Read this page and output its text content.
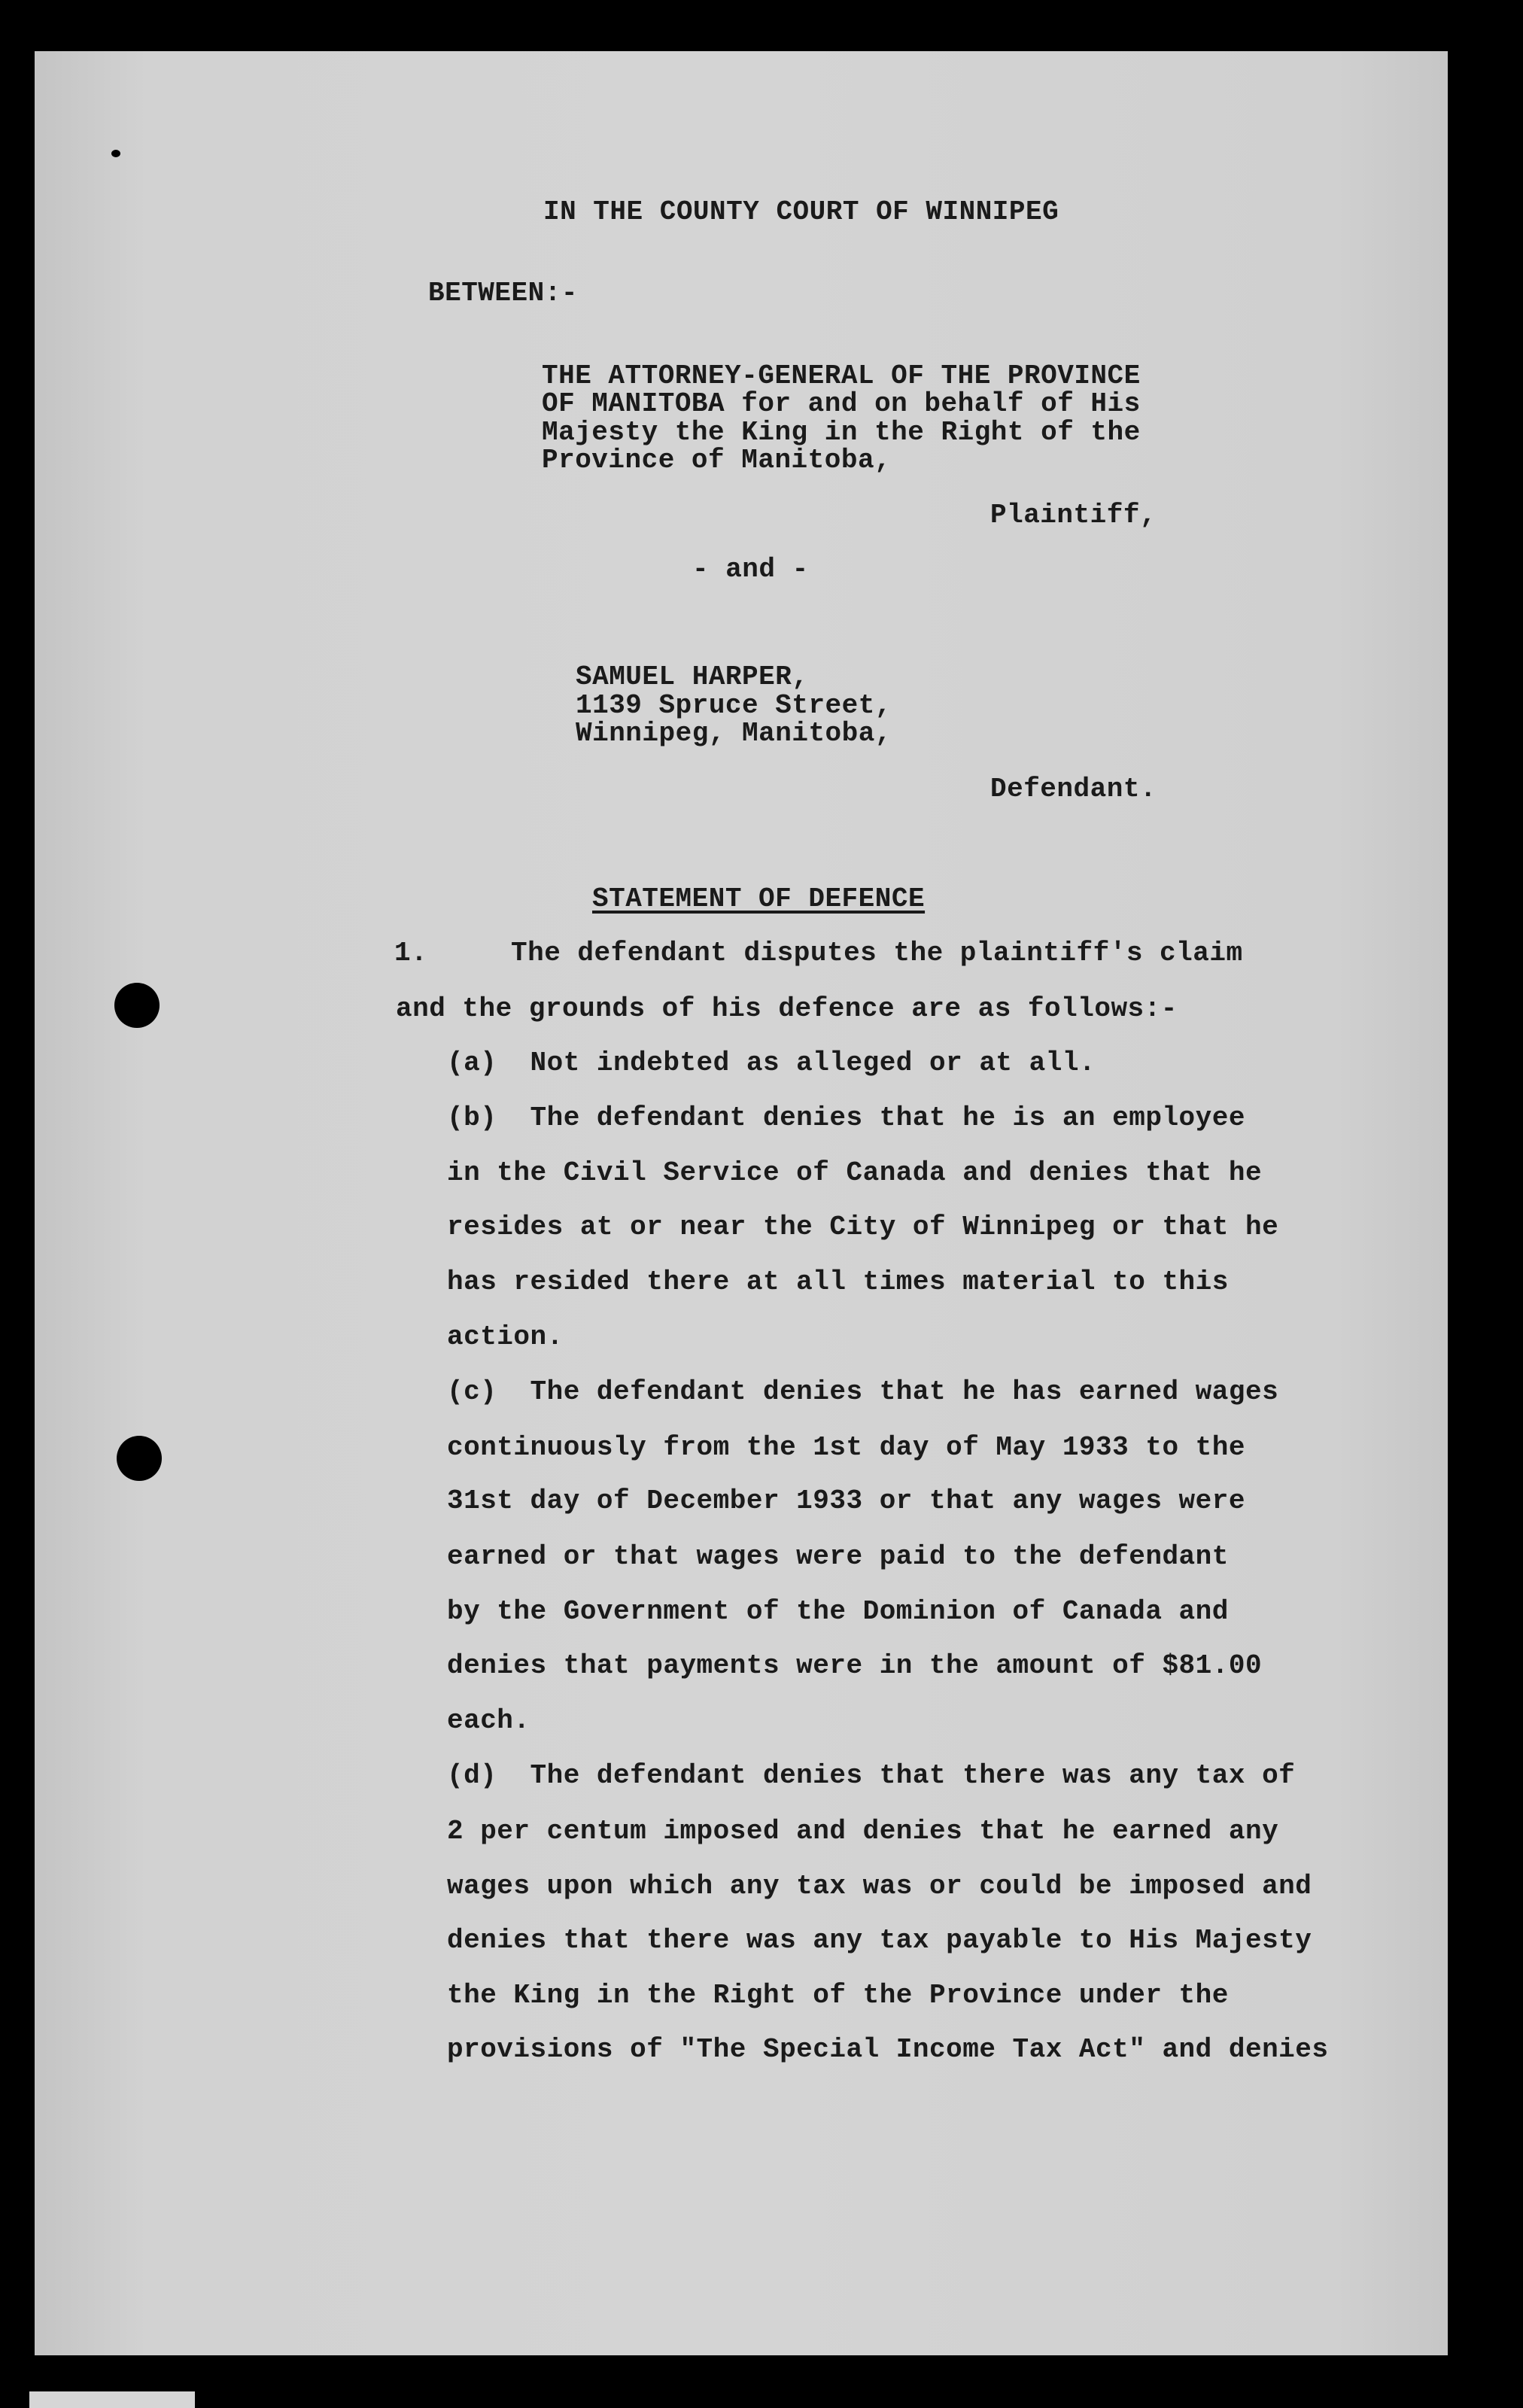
IN THE COUNTY COURT OF WINNIPEG
BETWEEN:-
THE ATTORNEY-GENERAL OF THE PROVINCE
OF MANITOBA for and on behalf of His
Majesty the King in the Right of the
Province of Manitoba,
Plaintiff,
- and -
SAMUEL HARPER,
1139 Spruce Street,
Winnipeg, Manitoba,
Defendant.
STATEMENT OF DEFENCE
1.	The defendant disputes the plaintiff's claim
and the grounds of his defence are as follows:-
(a)  Not indebted as alleged or at all.
(b)  The defendant denies that he is an employee
in the Civil Service of Canada and denies that he
resides at or near the City of Winnipeg or that he
has resided there at all times material to this
action.
(c)  The defendant denies that he has earned wages
continuously from the 1st day of May 1933 to the
31st day of December 1933 or that any wages were
earned or that wages were paid to the defendant
by the Government of the Dominion of Canada and
denies that payments were in the amount of $81.00
each.
(d)  The defendant denies that there was any tax of
2 per centum imposed and denies that he earned any
wages upon which any tax was or could be imposed and
denies that there was any tax payable to His Majesty
the King in the Right of the Province under the
provisions of "The Special Income Tax Act" and denies
